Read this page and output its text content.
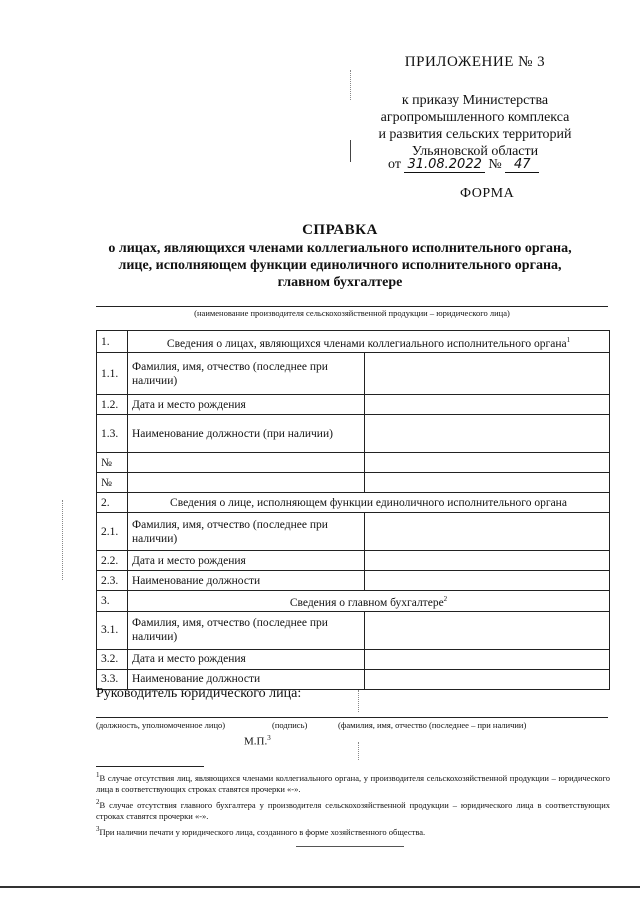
ПРИЛОЖЕНИЕ № 3
к приказу Министерства
агропромышленного комплекса
и развития сельских территорий
Ульяновской области
от 31.08.2022 № 47
ФОРМА
СПРАВКА
о лицах, являющихся членами коллегиального исполнительного органа,
лице, исполняющем функции единоличного исполнительного органа,
главном бухгалтере
(наименование производителя сельскохозяйственной продукции – юридического лица)
1.	Сведения о лицах, являющихся членами коллегиального исполнительного органа$^1$
1.1.	Фамилия, имя, отчество (последнее при наличии)	
1.2.	Дата и место рождения	
1.3.	Наименование должности (при наличии)	
№		
№		
2.	Сведения о лице, исполняющем функции единоличного исполнительного органа	
2.1.	Фамилия, имя, отчество (последнее при наличии)	
2.2.	Дата и место рождения	
2.3.	Наименование должности	
3.	Сведения о главном бухгалтере$^2$
3.1.	Фамилия, имя, отчество (последнее при наличии)	
3.2.	Дата и место рождения	
3.3.	Наименование должности	
Руководитель юридического лица:
(должность, уполномоченное лицо)	(подпись)	(фамилия, имя, отчество (последнее – при наличии)
М.П.$^3$
$^1$В случае отсутствия лиц, являющихся членами коллегиального органа, у производителя сельскохозяйственной продукции – юридического лица в соответствующих строках ставятся прочерки «-».
$^2$В случае отсутствия главного бухгалтера у производителя сельскохозяйственной продукции – юридического лица в соответствующих строках ставятся прочерки «-».
$^3$При наличии печати у юридического лица, созданного в форме хозяйственного общества.
